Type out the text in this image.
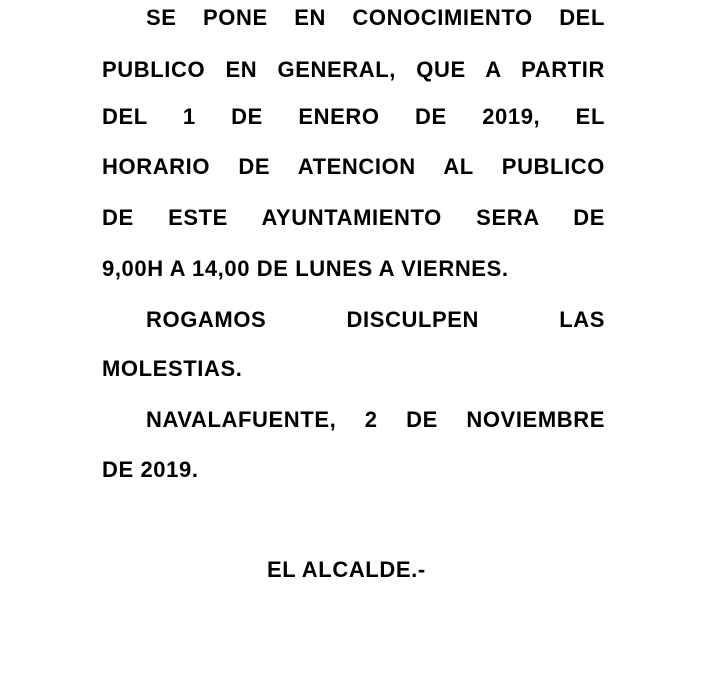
SE PONE EN CONOCIMIENTO DEL
PUBLICO EN GENERAL, QUE A PARTIR
DEL 1 DE ENERO DE 2019, EL
HORARIO DE ATENCION AL PUBLICO
DE ESTE AYUNTAMIENTO SERA DE
9,00H A 14,00 DE LUNES A VIERNES.
ROGAMOS DISCULPEN LAS
MOLESTIAS.
NAVALAFUENTE, 2 DE NOVIEMBRE
DE 2019.
EL ALCALDE.-
